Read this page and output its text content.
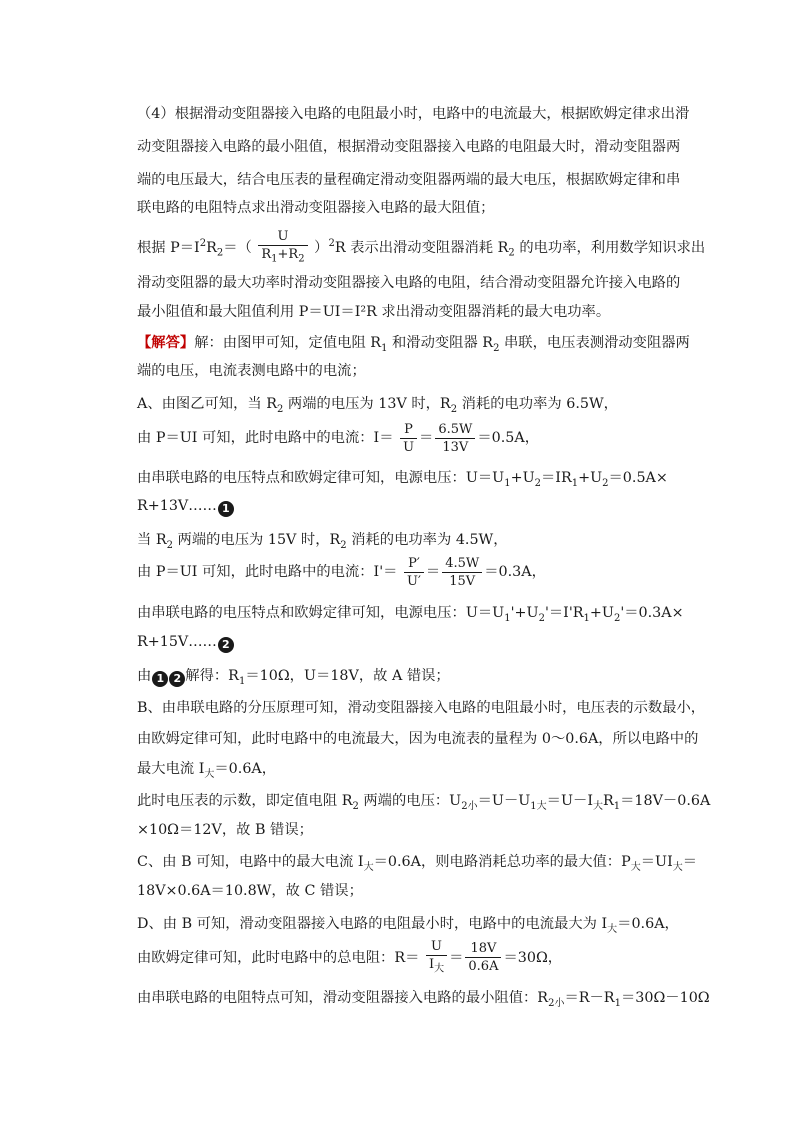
（4）根据滑动变阻器接入电路的电阻最小时，电路中的电流最大，根据欧姆定律求出滑
动变阻器接入电路的最小阻值，根据滑动变阻器接入电路的电阻最大时，滑动变阻器两
端的电压最大，结合电压表的量程确定滑动变阻器两端的最大电压，根据欧姆定律和串
联电路的电阻特点求出滑动变阻器接入电路的最大阻值；
根据 $P=I^2R_2=( \frac{U}{R_1+R_2} )^2R$ 表示出滑动变阻器消耗 $R_2$ 的电功率，利用数学知识求出
滑动变阻器的最大功率时滑动变阻器接入电路的电阻，结合滑动变阻器允许接入电路的
最小阻值和最大阻值利用 P＝UI＝I²R 求出滑动变阻器消耗的最大电功率。
【解答】解：由图甲可知，定值电阻 $R_1$ 和滑动变阻器 $R_2$ 串联，电压表测滑动变阻器两
端的电压，电流表测电路中的电流；
A、由图乙可知，当 $R_2$ 两端的电压为 13V 时，$R_2$ 消耗的电功率为 6.5W，
由 P＝UI 可知，此时电路中的电流：$I= \frac{P}{U} = \frac{6.5W}{13V} =0.5A$，
由串联电路的电压特点和欧姆定律可知，电源电压：$U=U_1+U_2=IR_1+U_2=0.5A\times$
R+13V…… 1
当 $R_2$ 两端的电压为 15V 时，$R_2$ 消耗的电功率为 4.5W，
由 P＝UI 可知，此时电路中的电流：$I'= \frac{P'}{U'} = \frac{4.5W}{15V} =0.3A$，
由串联电路的电压特点和欧姆定律可知，电源电压：$U=U_1'+U_2'=I'R_1+U_2'=0.3A\times$
R+15V…… 2
由 1 2 解得：$R_1=10\Omega$，U＝18V，故 A 错误；
B、由串联电路的分压原理可知，滑动变阻器接入电路的电阻最小时，电压表的示数最小，
由欧姆定律可知，此时电路中的电流最大，因为电流表的量程为 0～0.6A，所以电路中的
最大电流 $I_大=0.6A$，
此时电压表的示数，即定值电阻 $R_2$ 两端的电压：$U_{2小}=U-U_{1大}=U-I_大R_1=18V-0.6A$
×10Ω＝12V，故 B 错误；
C、由 B 可知，电路中的最大电流 $I_大=0.6A$，则电路消耗总功率的最大值：$P_大=UI_大=$
18V×0.6A＝10.8W，故 C 错误；
D、由 B 可知，滑动变阻器接入电路的电阻最小时，电路中的电流最大为 $I_大=0.6A$，
由欧姆定律可知，此时电路中的总电阻：$R= \frac{U}{I_大} = \frac{18V}{0.6A} =30\Omega$，
由串联电路的电阻特点可知，滑动变阻器接入电路的最小阻值：$R_{2小}=R-R_1=30\Omega-10\Omega$
